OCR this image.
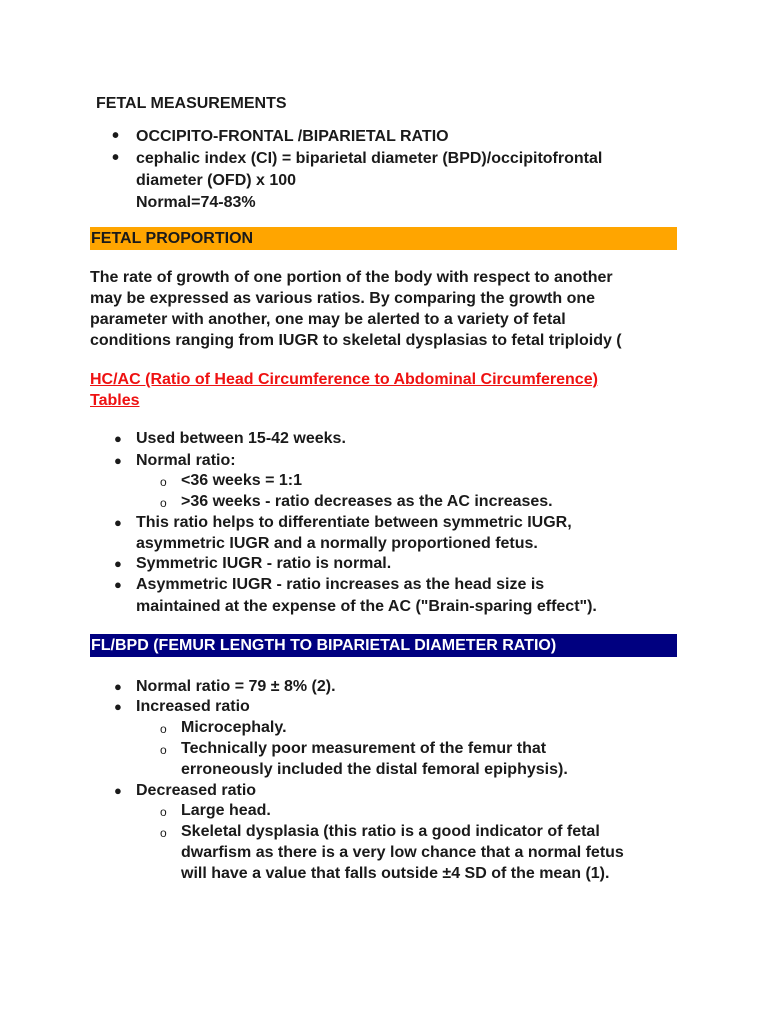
FETAL MEASUREMENTS
• OCCIPITO-FRONTAL /BIPARIETAL RATIO
• cephalic index (CI) = biparietal diameter (BPD)/occipitofrontal
diameter (OFD) x 100
Normal=74-83%
FETAL PROPORTION
The rate of growth of one portion of the body with respect to another
may be expressed as various ratios. By comparing the growth one
parameter with another, one may be alerted to a variety of fetal
conditions ranging from IUGR to skeletal dysplasias to fetal triploidy (
HC/AC (Ratio of Head Circumference to Abdominal Circumference)
Tables
● Used between 15-42 weeks.
● Normal ratio:
o <36 weeks = 1:1
o >36 weeks - ratio decreases as the AC increases.
● This ratio helps to differentiate between symmetric IUGR,
asymmetric IUGR and a normally proportioned fetus.
● Symmetric IUGR - ratio is normal.
● Asymmetric IUGR - ratio increases as the head size is
maintained at the expense of the AC ("Brain-sparing effect").
FL/BPD (FEMUR LENGTH TO BIPARIETAL DIAMETER RATIO)
● Normal ratio = 79 ± 8% (2).
● Increased ratio
o Microcephaly.
o Technically poor measurement of the femur that
erroneously included the distal femoral epiphysis).
● Decreased ratio
o Large head.
o Skeletal dysplasia (this ratio is a good indicator of fetal
dwarfism as there is a very low chance that a normal fetus
will have a value that falls outside ±4 SD of the mean (1).
